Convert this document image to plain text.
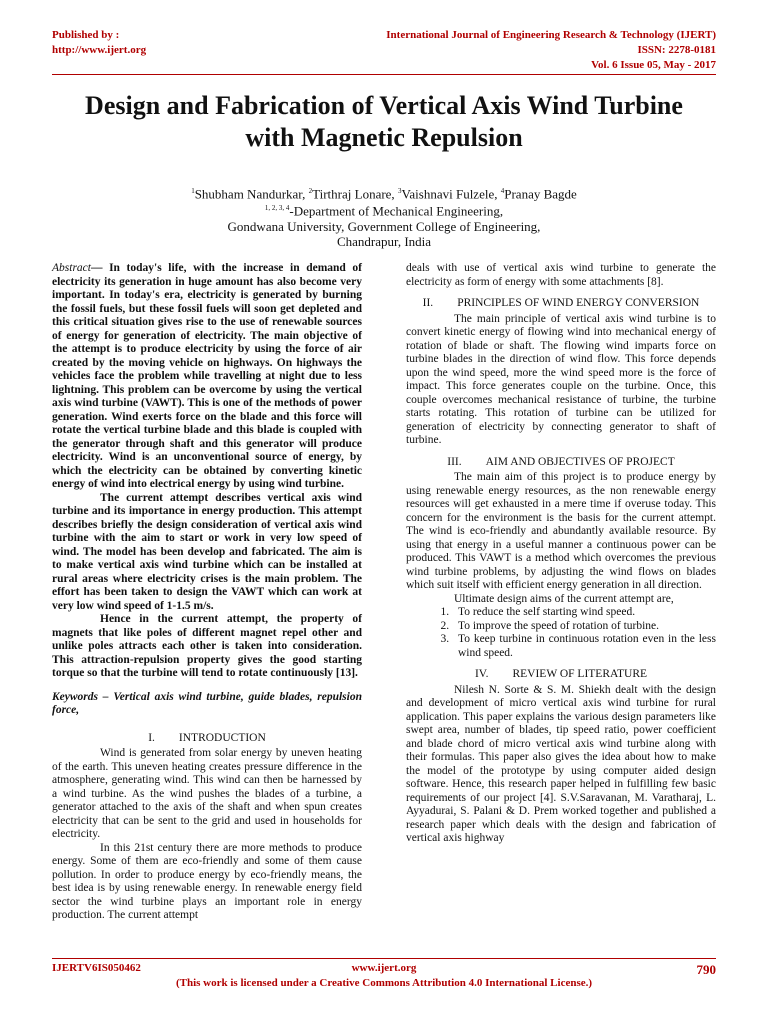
Published by :
http://www.ijert.org
International Journal of Engineering Research & Technology (IJERT)
ISSN: 2278-0181
Vol. 6 Issue 05, May - 2017
Design and Fabrication of Vertical Axis Wind Turbine with Magnetic Repulsion
$^1$Shubham Nandurkar, $^2$Tirthraj Lonare, $^3$Vaishnavi Fulzele, $^4$Pranay Bagde
$^{1, 2, 3, 4}$-Department of Mechanical Engineering,
Gondwana University, Government College of Engineering,
Chandrapur, India

Abstract— In today's life, with the increase in demand of electricity its generation in huge amount has also become very important. In today's era, electricity is generated by burning the fossil fuels, but these fossil fuels will soon get depleted and this critical situation gives rise to the use of renewable sources of energy for generation of electricity. The main objective of the attempt is to produce electricity by using the force of air created by the moving vehicle on highways. On highways the vehicles face the problem while travelling at night due to less lightning. This problem can be overcome by using the vertical axis wind turbine (VAWT). This is one of the methods of power generation. Wind exerts force on the blade and this force will rotate the vertical turbine blade and this blade is coupled with the generator through shaft and this generator will produce electricity. Wind is an unconventional source of energy, by which the electricity can be obtained by converting kinetic energy of wind into electrical energy by using wind turbine.

The current attempt describes vertical axis wind turbine and its importance in energy production. This attempt describes briefly the design consideration of vertical axis wind turbine with the aim to start or work in very low speed of wind. The model has been develop and fabricated. The aim is to make vertical axis wind turbine which can be installed at rural areas where electricity crises is the main problem. The effort has been taken to design the VAWT which can work at very low wind speed of 1-1.5 m/s.

Hence in the current attempt, the property of magnets that like poles of different magnet repel other and unlike poles attracts each other is taken into consideration. This attraction-repulsion property gives the good starting torque so that the turbine will tend to rotate continuously [13].

Keywords – Vertical axis wind turbine, guide blades, repulsion force,

I. INTRODUCTION

Wind is generated from solar energy by uneven heating of the earth. This uneven heating creates pressure difference in the atmosphere, generating wind. This wind can then be harnessed by a wind turbine. As the wind pushes the blades of a turbine, a generator attached to the axis of the shaft and when spun creates electricity that can be sent to the grid and used in households for electricity.

In this 21st century there are more methods to produce energy. Some of them are eco-friendly and some of them cause pollution. In order to produce energy by eco-friendly means, the best idea is by using renewable energy. In renewable energy field sector the wind turbine plays an important role in energy production. The current attempt

deals with use of vertical axis wind turbine to generate the electricity as form of energy with some attachments [8].

II. PRINCIPLES OF WIND ENERGY CONVERSION

The main principle of vertical axis wind turbine is to convert kinetic energy of flowing wind into mechanical energy of rotation of blade or shaft. The flowing wind imparts force on turbine blades in the direction of wind flow. This force depends upon the wind speed, more the wind speed more is the force of impact. This force generates couple on the turbine. Once, this couple overcomes mechanical resistance of turbine, the turbine starts rotating. This rotation of turbine can be utilized for generation of electricity by connecting generator to shaft of turbine.

III. AIM AND OBJECTIVES OF PROJECT

The main aim of this project is to produce energy by using renewable energy resources, as the non renewable energy resources will get exhausted in a mere time if overuse today. This concern for the environment is the basis for the current attempt. The wind is eco-friendly and abundantly available resource. By using that energy in a useful manner a continuous power can be produced. This VAWT is a method which overcomes the previous wind turbine problems, by adjusting the wind flows on blades which suit itself with efficient energy generation in all direction.

Ultimate design aims of the current attempt are,

1. To reduce the self starting wind speed.
2. To improve the speed of rotation of turbine.
3. To keep turbine in continuous rotation even in the less wind speed.
IV. REVIEW OF LITERATURE

Nilesh N. Sorte & S. M. Shiekh dealt with the design and development of micro vertical axis wind turbine for rural application. This paper explains the various design parameters like swept area, number of blades, tip speed ratio, power coefficient and blade chord of micro vertical axis wind turbine along with their formulas. This paper also gives the idea about how to make the model of the prototype by using computer aided design software. Hence, this research paper helped in fulfilling few basic requirements of our project [4]. S.V.Saravanan, M. Varatharaj, L. Ayyadurai, S. Palani & D. Prem worked together and published a research paper which deals with the design and fabrication of vertical axis highway

IJERTV6IS050462	www.ijert.org	790
(This work is licensed under a Creative Commons Attribution 4.0 International License.)
